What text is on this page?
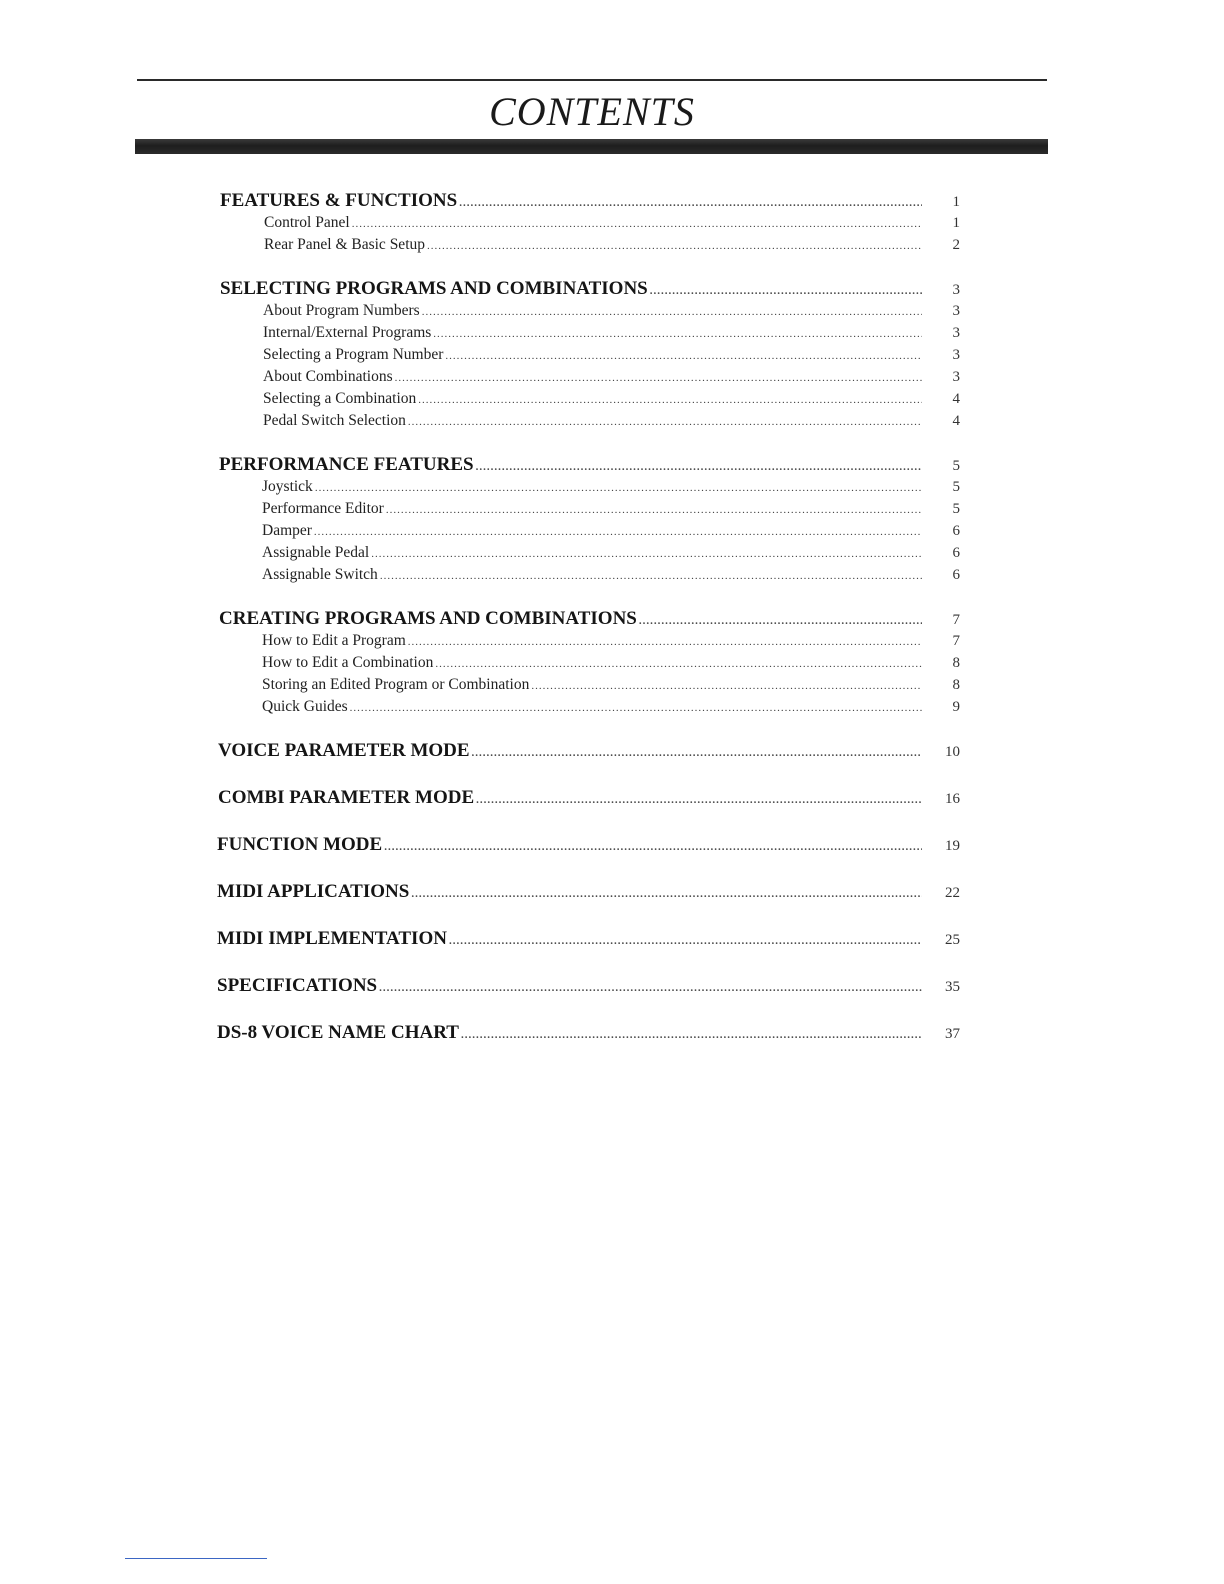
CONTENTS
FEATURES & FUNCTIONS .....	1
Control Panel .....	1
Rear Panel & Basic Setup .....	2
SELECTING PROGRAMS AND COMBINATIONS .....	3
About Program Numbers .....	3
Internal/External Programs .....	3
Selecting a Program Number .....	3
About Combinations .....	3
Selecting a Combination .....	4
Pedal Switch Selection .....	4
PERFORMANCE FEATURES .....	5
Joystick .....	5
Performance Editor .....	5
Damper .....	6
Assignable Pedal .....	6
Assignable Switch .....	6
CREATING PROGRAMS AND COMBINATIONS .....	7
How to Edit a Program .....	7
How to Edit a Combination .....	8
Storing an Edited Program or Combination .....	8
Quick Guides .....	9
VOICE PARAMETER MODE .....	10
COMBI PARAMETER MODE .....	16
FUNCTION MODE .....	19
MIDI APPLICATIONS .....	22
MIDI IMPLEMENTATION .....	25
SPECIFICATIONS .....	35
DS-8 VOICE NAME CHART .....	37
